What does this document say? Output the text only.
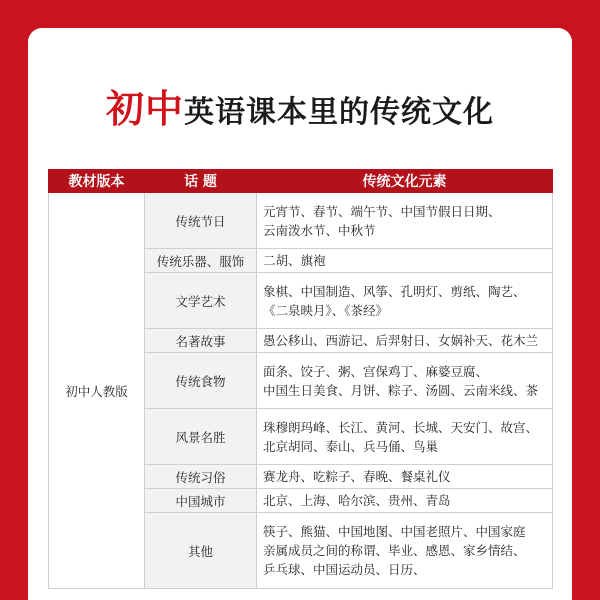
初中英语课本里的传统文化
教材版本	话 题	传统文化元素
初中人教版	传统节日	元宵节、春节、端午节、中国节假日日期、
云南泼水节、中秋节

	传统乐器、服饰	二胡、旗袍

	文学艺术	象棋、中国制造、风筝、孔明灯、剪纸、陶艺、
《二泉映月》、《茶经》

	名著故事	愚公移山、西游记、后羿射日、女娲补天、花木兰

	传统食物	面条、饺子、粥、宫保鸡丁、麻婆豆腐、
中国生日美食、月饼、粽子、汤圆、云南米线、茶

	风景名胜	珠穆朗玛峰、长江、黄河、长城、天安门、故宫、
北京胡同、泰山、兵马俑、鸟巢

	传统习俗	赛龙舟、吃粽子、春晚、餐桌礼仪

	中国城市	北京、上海、哈尔滨、贵州、青岛

	其他	筷子、熊猫、中国地图、中国老照片、中国家庭
亲属成员之间的称谓、毕业、感恩、家乡情结、
乒乓球、中国运动员、日历、
